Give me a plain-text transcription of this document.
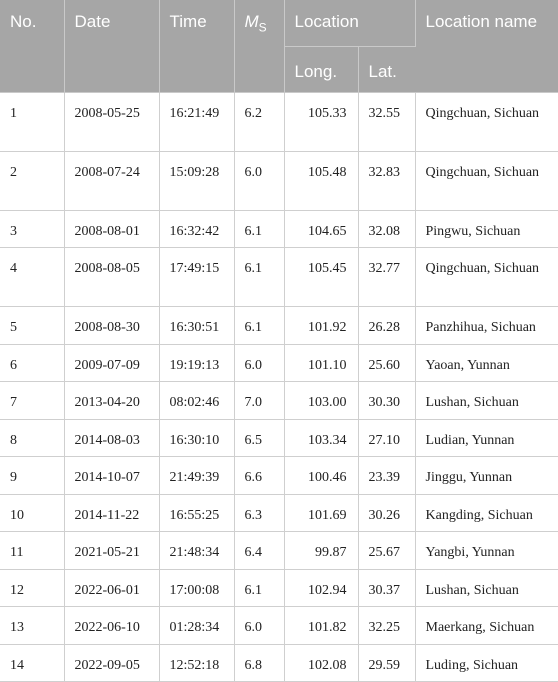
No.	Date	Time	$M_S$	Location		Location name
				Long.	Lat.	
1	2008-05-25	16:21:49	6.2	105.33	32.55	Qingchuan, Sichuan
2	2008-07-24	15:09:28	6.0	105.48	32.83	Qingchuan, Sichuan
3	2008-08-01	16:32:42	6.1	104.65	32.08	Pingwu, Sichuan
4	2008-08-05	17:49:15	6.1	105.45	32.77	Qingchuan, Sichuan
5	2008-08-30	16:30:51	6.1	101.92	26.28	Panzhihua, Sichuan
6	2009-07-09	19:19:13	6.0	101.10	25.60	Yaoan, Yunnan
7	2013-04-20	08:02:46	7.0	103.00	30.30	Lushan, Sichuan
8	2014-08-03	16:30:10	6.5	103.34	27.10	Ludian, Yunnan
9	2014-10-07	21:49:39	6.6	100.46	23.39	Jinggu, Yunnan
10	2014-11-22	16:55:25	6.3	101.69	30.26	Kangding, Sichuan
11	2021-05-21	21:48:34	6.4	99.87	25.67	Yangbi, Yunnan
12	2022-06-01	17:00:08	6.1	102.94	30.37	Lushan, Sichuan
13	2022-06-10	01:28:34	6.0	101.82	32.25	Maerkang, Sichuan
14	2022-09-05	12:52:18	6.8	102.08	29.59	Luding, Sichuan
